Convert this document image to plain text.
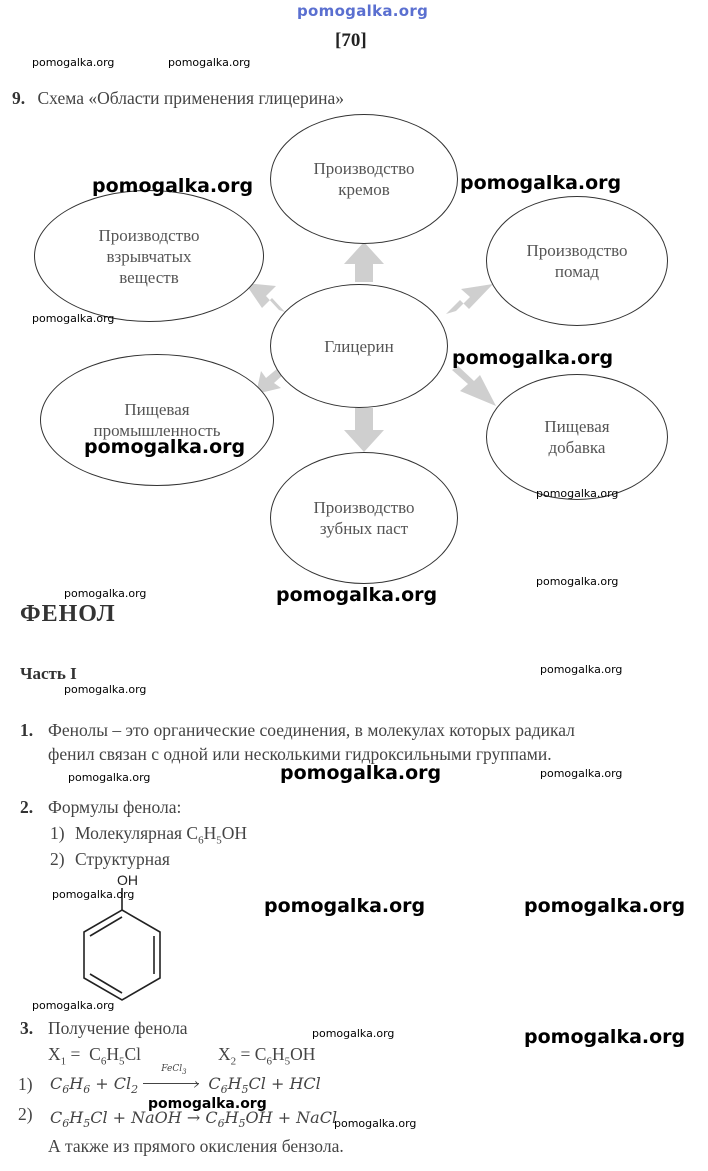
pomogalka.org
[70]
pomogalka.org	pomogalka.org
9. Схема «Области применения глицерина»
Глицерин
Производство
кремов
Производство
взрывчатых
веществ
Производство
помад
Пищевая
промышленность	Пищевая
добавка
Производство
зубных паст
pomogalka.org	pomogalka.org
pomogalka.org
pomogalka.org
pomogalka.org
pomogalka.org
pomogalka.org	pomogalka.org
pomogalka.org
ФЕНОЛ
Часть I	pomogalka.org
pomogalka.org
1. Фенолы – это органические соединения, в молекулах которых радикал
фенил связан с одной или несколькими гидроксильными группами.
pomogalka.org	pomogalka.org	pomogalka.org
2. Формулы фенола:
1) Молекулярная $C_6H_5OH$
2) Структурная
OH
pomogalka.org
pomogalka.org	pomogalka.org
pomogalka.org
3. Получение фенола	pomogalka.org	pomogalka.org
$X_1 = C_6H_5Cl$	$X_2 = C_6H_5OH$
1) $C_6H_6 + Cl_2$
FeCl$_3$
› $C_6H_5Cl$ + HCl
2) $C_6H_5Cl$ + NaOH → $C_6H_5OH$ + NaCl
pomogalka.org
pomogalka.org
А также из прямого окисления бензола.
